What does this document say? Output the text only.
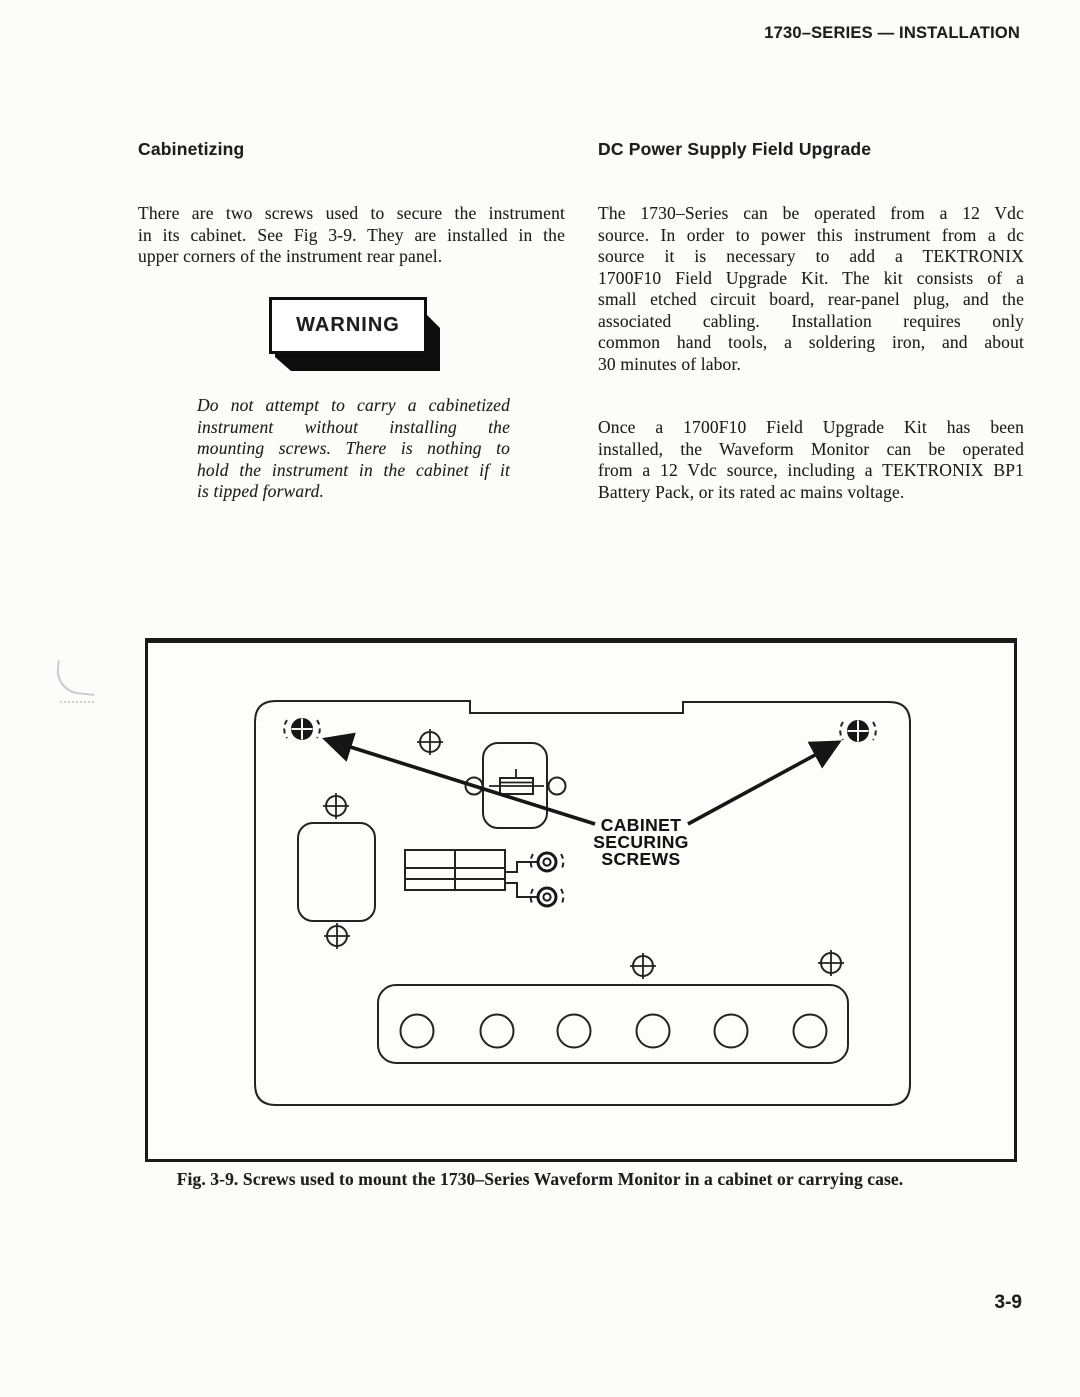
1730–SERIES — INSTALLATION
Cabinetizing
There are two screws used to secure the instrument
in its cabinet. See Fig 3-9. They are installed in the
upper corners of the instrument rear panel.
WARNING
Do not attempt to carry a cabinetized
instrument without installing the
mounting screws. There is nothing to
hold the instrument in the cabinet if it
is tipped forward.
DC Power Supply Field Upgrade
The 1730–Series can be operated from a 12 Vdc
source. In order to power this instrument from a dc
source it is necessary to add a TEKTRONIX
1700F10 Field Upgrade Kit. The kit consists of a
small etched circuit board, rear-panel plug, and the
associated cabling. Installation requires only
common hand tools, a soldering iron, and about
30 minutes of labor.
Once a 1700F10 Field Upgrade Kit has been
installed, the Waveform Monitor can be operated
from a 12 Vdc source, including a TEKTRONIX BP1
Battery Pack, or its rated ac mains voltage.
CABINET
SECURING
SCREWS
Fig. 3-9. Screws used to mount the 1730–Series Waveform Monitor in a cabinet or carrying case.
3-9
